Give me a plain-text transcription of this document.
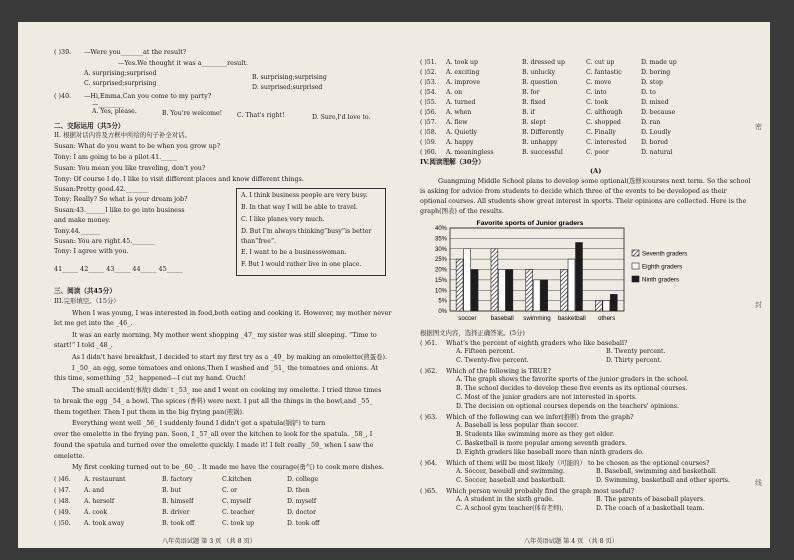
( )39. —Were you_______at the result?
—Yes.We thought it was a________result.
A. surprising;surprised
B. surprising;surprising
C. surprised;surprising
D. surprised;surprised
( )40. —Hi,Emma.Can you come to my party?
—________
A. Yes, please.	B. You're welcome! C. That's right!	D. Sure,I'd love to.
二、交际运用（共5分）
II. 根据对话内容及方框中所给的句子补全对话。
Susan: What do you want to be when you grow up?
Tony: I am going to be a pilot.41._____
Susan: You mean you like traveling, don't you?
Tony: Of course I do. I like to visit different places and know different things.
Susan:Pretty good.42._______
Tony: Really? So what is your dream job?
Susan:43.______I like to go into business
and make money.
Tony.44.______
Susan: You are right.45._______
Tony: I agree with you.
A. I think business people are very busy.
B. In that way I will be able to travel.
C. I like planes very much.
D. But I'm always thinking“busy”is better
than“free”.
E. I want to be a businesswoman.
F. But I would rather live in one place.
41_____ 42_____ 43_____ 44_____ 45_____
三、阅读（共45分）
III.完形填空。（15分）
When I was young, I was interested in food,both eating and cooking it. However, my mother never
let me get into the _46_.
It was an early morning. My mother went shopping _47_ my sister was still sleeping. “Time to
start!” I told _48_.
As I didn't have breakfast, I decided to start my first try as a _49_ by making an omelette(煎蛋卷).
I _50_ an egg, some tomatoes and onions.Then I washed and _51_ the tomatoes and onions. At
this time, something _52_ happened—I cut my hand. Ouch!
The small accident(事故) didn' t _53_ me and I went on cooking my omelette. I tried three times
to break the egg _54_ a bowl. The spices (香料) were next. I put all the things in the bowl,and _55_
them together. Then I put them in the big frying pan(煎锅).
Everything went well _56_ I suddenly found I didn't get a spatula(锅铲) to turn
over the omelette in the frying pan. Soon, I _57_all over the kitchen to look for the spatula. _58_, I
found the spatula and turned over the omelette quickly. I made it! I felt really _59_ when I saw the
omelette.
My first cooking turned out to be _60_ . It made me have the courage(勇气) to cook more dishes.
( )46. A. restaurant	B. factory	C.kitchen	D. college
( )47. A. and	B. but	C. or	D. then
( )48. A. herself	B. himself	C. myself	D. myself
( )49. A. cook	B. driver	C. teacher	D. doctor
( )50. A. took away	B. took off	C. took up	D. took off
八年英语试题 第 3 页 （共 8 页）
密
封
线
( )51. A. took up	B. dressed up	C. cut up	D. made up
( )52. A. exciting	B. unlucky	C. fantastic	D. boring
( )53. A. improve	B. question	C. move	D. stop
( )54. A. on	B. for	C. into	D. to
( )55. A. turned	B. fixed	C. took	D. mixed
( )56. A. when	B. if	C. although	D. because
( )57. A. flew	B. slept	C. shopped	D. ran
( )58. A. Quietly	B. Differently	C. Finally	D. Loudly
( )59. A. happy	B. unhappy	C. interested D. bored
( )60. A. meaningless	B. successful	C. poor	D. natural
IV.阅读理解（30分）
(A)
Guangming Middle School plans to develop some optional(选修)courses next term. So the school
is asking for advice from students to decide which three of the events to be developed as their
optional courses. All students show great interest in sports. Their opinions are collected. Here is the
graph(图表) of the results.
Favorite sports of Junior graders
0%
5%
10%
15%
20%
25%
30%
35%
40%
soccer baseball swimming basketball others
Seventh graders
Eighth graders
Ninth graders
根据图文内容，选择正确答案。(5分)
( )61. What's the percent of eighth graders who like baseball?
A. Fifteen percent.	B. Twenty percent.
C. Twenty-five percent.	D. Thirty percent.
( )62. Which of the following is TRUE?
A. The graph shows the favorite sports of the junior graders in the school.
B. The school decides to develop these five events as its optional courses.
C. Most of the junior graders are not interested in sports.
D. The decision on optional courses depends on the teachers' opinions.
( )63. Which of the following can we infer(推断) from the graph?
A. Baseball is less popular than soccer.
B. Students like swimming more as they get older.
C. Basketball is more popular among seventh graders.
D. Eighth graders like baseball more than ninth graders do.
( )64. Which of them will be most likely（可能的） to be chosen as the optional courses?
A. Soccer, baseball and swimming.	B. Baseball, swimming and basketball.
C. Soccer, baseball and basketball.	D. Swimming, basketball and other sports.
( )65. Which person would probably find the graph most useful?
A. A student in the sixth grade.	B. The parents of baseball players.
C. A school gym teacher(体育老师).	D. The coach of a basketball team.
八年英语试题 第 4 页 （共 8 页）
